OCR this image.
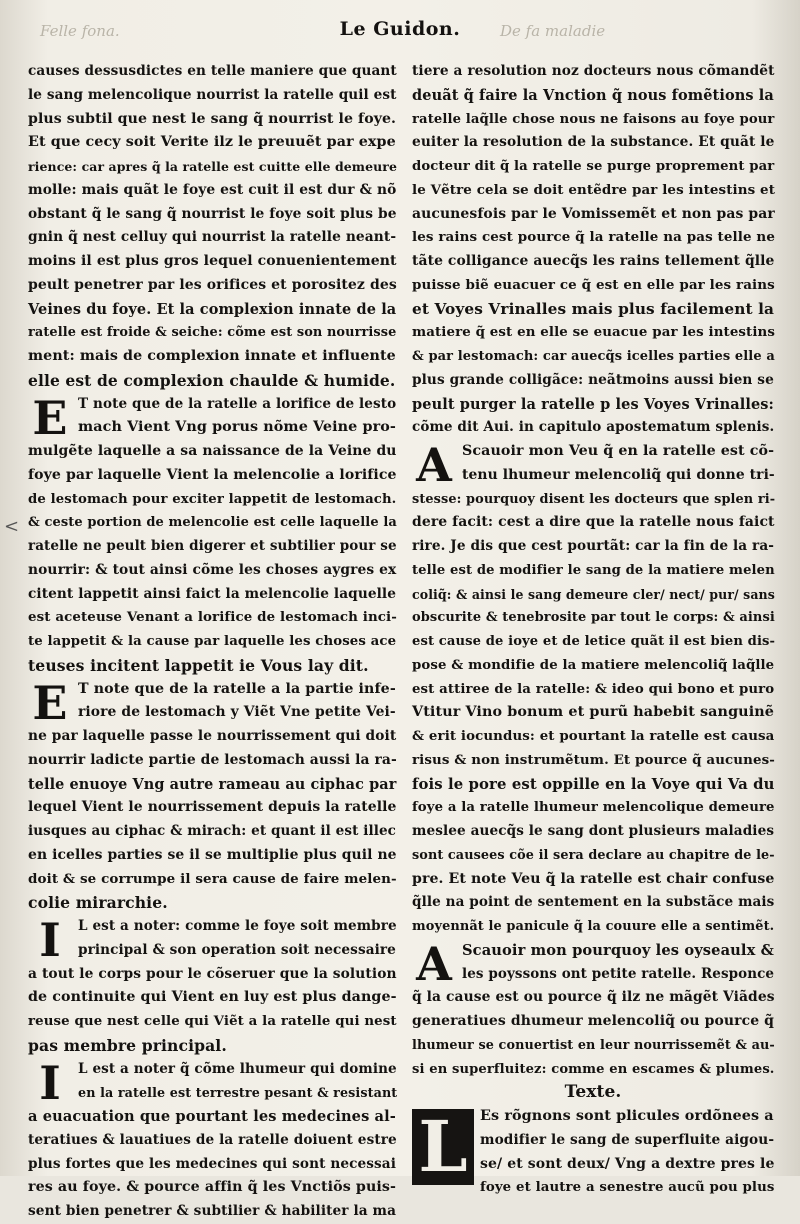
Felle fona.	De fa maladie
Le Guidon.
<
causes dessusdictes en telle maniere que quant
le sang melencolique nourrist la ratelle quil est
plus subtil que nest le sang q̃ nourrist le foye.
Et que cecy soit Verite ilz le preuuẽt par expe
rience: car apres q̃ la ratelle est cuitte elle demeure
molle: mais quãt le foye est cuit il est dur & nõ
obstant q̃ le sang q̃ nourrist le foye soit plus be
gnin q̃ nest celluy qui nourrist la ratelle neant-
moins il est plus gros lequel conuenientement
peult penetrer par les orifices et porositez des
Veines du foye. Et la complexion innate de la
ratelle est froide & seiche: cõme est son nourrisse
ment: mais de complexion innate et influente
elle est de complexion chaulde & humide.
E T note que de la ratelle a lorifice de lesto
mach Vient Vng porus nõme Veine pro-
mulgẽte laquelle a sa naissance de la Veine du
foye par laquelle Vient la melencolie a lorifice
de lestomach pour exciter lappetit de lestomach.
& ceste portion de melencolie est celle laquelle la
ratelle ne peult bien digerer et subtilier pour se
nourrir: & tout ainsi cõme les choses aygres ex
citent lappetit ainsi faict la melencolie laquelle
est aceteuse Venant a lorifice de lestomach inci-
te lappetit & la cause par laquelle les choses ace
teuses incitent lappetit ie Vous lay dit.
E T note que de la ratelle a la partie infe-
riore de lestomach y Viẽt Vne petite Vei-
ne par laquelle passe le nourrissement qui doit
nourrir ladicte partie de lestomach aussi la ra-
telle enuoye Vng autre rameau au ciphac par
lequel Vient le nourrissement depuis la ratelle
iusques au ciphac & mirach: et quant il est illec
en icelles parties se il se multiplie plus quil ne
doit & se corrumpe il sera cause de faire melen-
colie mirarchie.
I	L est a noter: comme le foye soit membre
principal & son operation soit necessaire
a tout le corps pour le cõseruer que la solution
de continuite qui Vient en luy est plus dange-
reuse que nest celle qui Viẽt a la ratelle qui nest
pas membre principal.
I	L est a noter q̃ cõme lhumeur qui domine
en la ratelle est terrestre pesant & resistant
a euacuation que pourtant les medecines al-
teratiues & lauatiues de la ratelle doiuent estre
plus fortes que les medecines qui sont necessai
res au foye. & pource affin q̃ les Vnctiõs puis-
sent bien penetrer & subtilier & habiliter la ma
tiere a resolution noz docteurs nous cõmandẽt
deuãt q̃ faire la Vnction q̃ nous fomẽtions la
ratelle laq̃lle chose nous ne faisons au foye pour
euiter la resolution de la substance. Et quãt le
docteur dit q̃ la ratelle se purge proprement par
le Vẽtre cela se doit entẽdre par les intestins et
aucunesfois par le Vomissemẽt et non pas par
les rains cest pource q̃ la ratelle na pas telle ne
tãte colligance auecq̃s les rains tellement q̃lle
puisse biẽ euacuer ce q̃ est en elle par les rains
et Voyes Vrinalles mais plus facilement la
matiere q̃ est en elle se euacue par les intestins
& par lestomach: car auecq̃s icelles parties elle a
plus grande colligãce: neãtmoins aussi bien se
peult purger la ratelle p les Voyes Vrinalles:
cõme dit Aui. in capitulo apostematum splenis.
A Scauoir mon Veu q̃ en la ratelle est cõ-
tenu lhumeur melencoliq̃ qui donne tri-
stesse: pourquoy disent les docteurs que splen ri-
dere facit: cest a dire que la ratelle nous faict
rire. Je dis que cest pourtãt: car la fin de la ra-
telle est de modifier le sang de la matiere melen
coliq̃: & ainsi le sang demeure cler/ nect/ pur/ sans
obscurite & tenebrosite par tout le corps: & ainsi
est cause de ioye et de letice quãt il est bien dis-
pose & mondifie de la matiere melencoliq̃ laq̃lle
est attiree de la ratelle: & ideo qui bono et puro
Vtitur Vino bonum et purũ habebit sanguinẽ
& erit iocundus: et pourtant la ratelle est causa
risus & non instrumẽtum. Et pource q̃ aucunes-
fois le pore est oppille en la Voye qui Va du
foye a la ratelle lhumeur melencolique demeure
meslee auecq̃s le sang dont plusieurs maladies
sont causees cõe il sera declare au chapitre de le-
pre. Et note Veu q̃ la ratelle est chair confuse
q̃lle na point de sentement en la substãce mais
moyennãt le panicule q̃ la couure elle a sentimẽt.
A Scauoir mon pourquoy les oyseaulx &
les poyssons ont petite ratelle. Responce
q̃ la cause est ou pource q̃ ilz ne mãgẽt Viãdes
generatiues dhumeur melencoliq̃ ou pource q̃
lhumeur se conuertist en leur nourrissemẽt & au-
si en superfluitez: comme en escames & plumes.
Texte.
L Es rõgnons sont plicules ordõnees a
modifier le sang de superfluite aigou-
se/ et sont deux/ Vng a dextre pres le
foye et lautre a senestre aucũ pou plus
